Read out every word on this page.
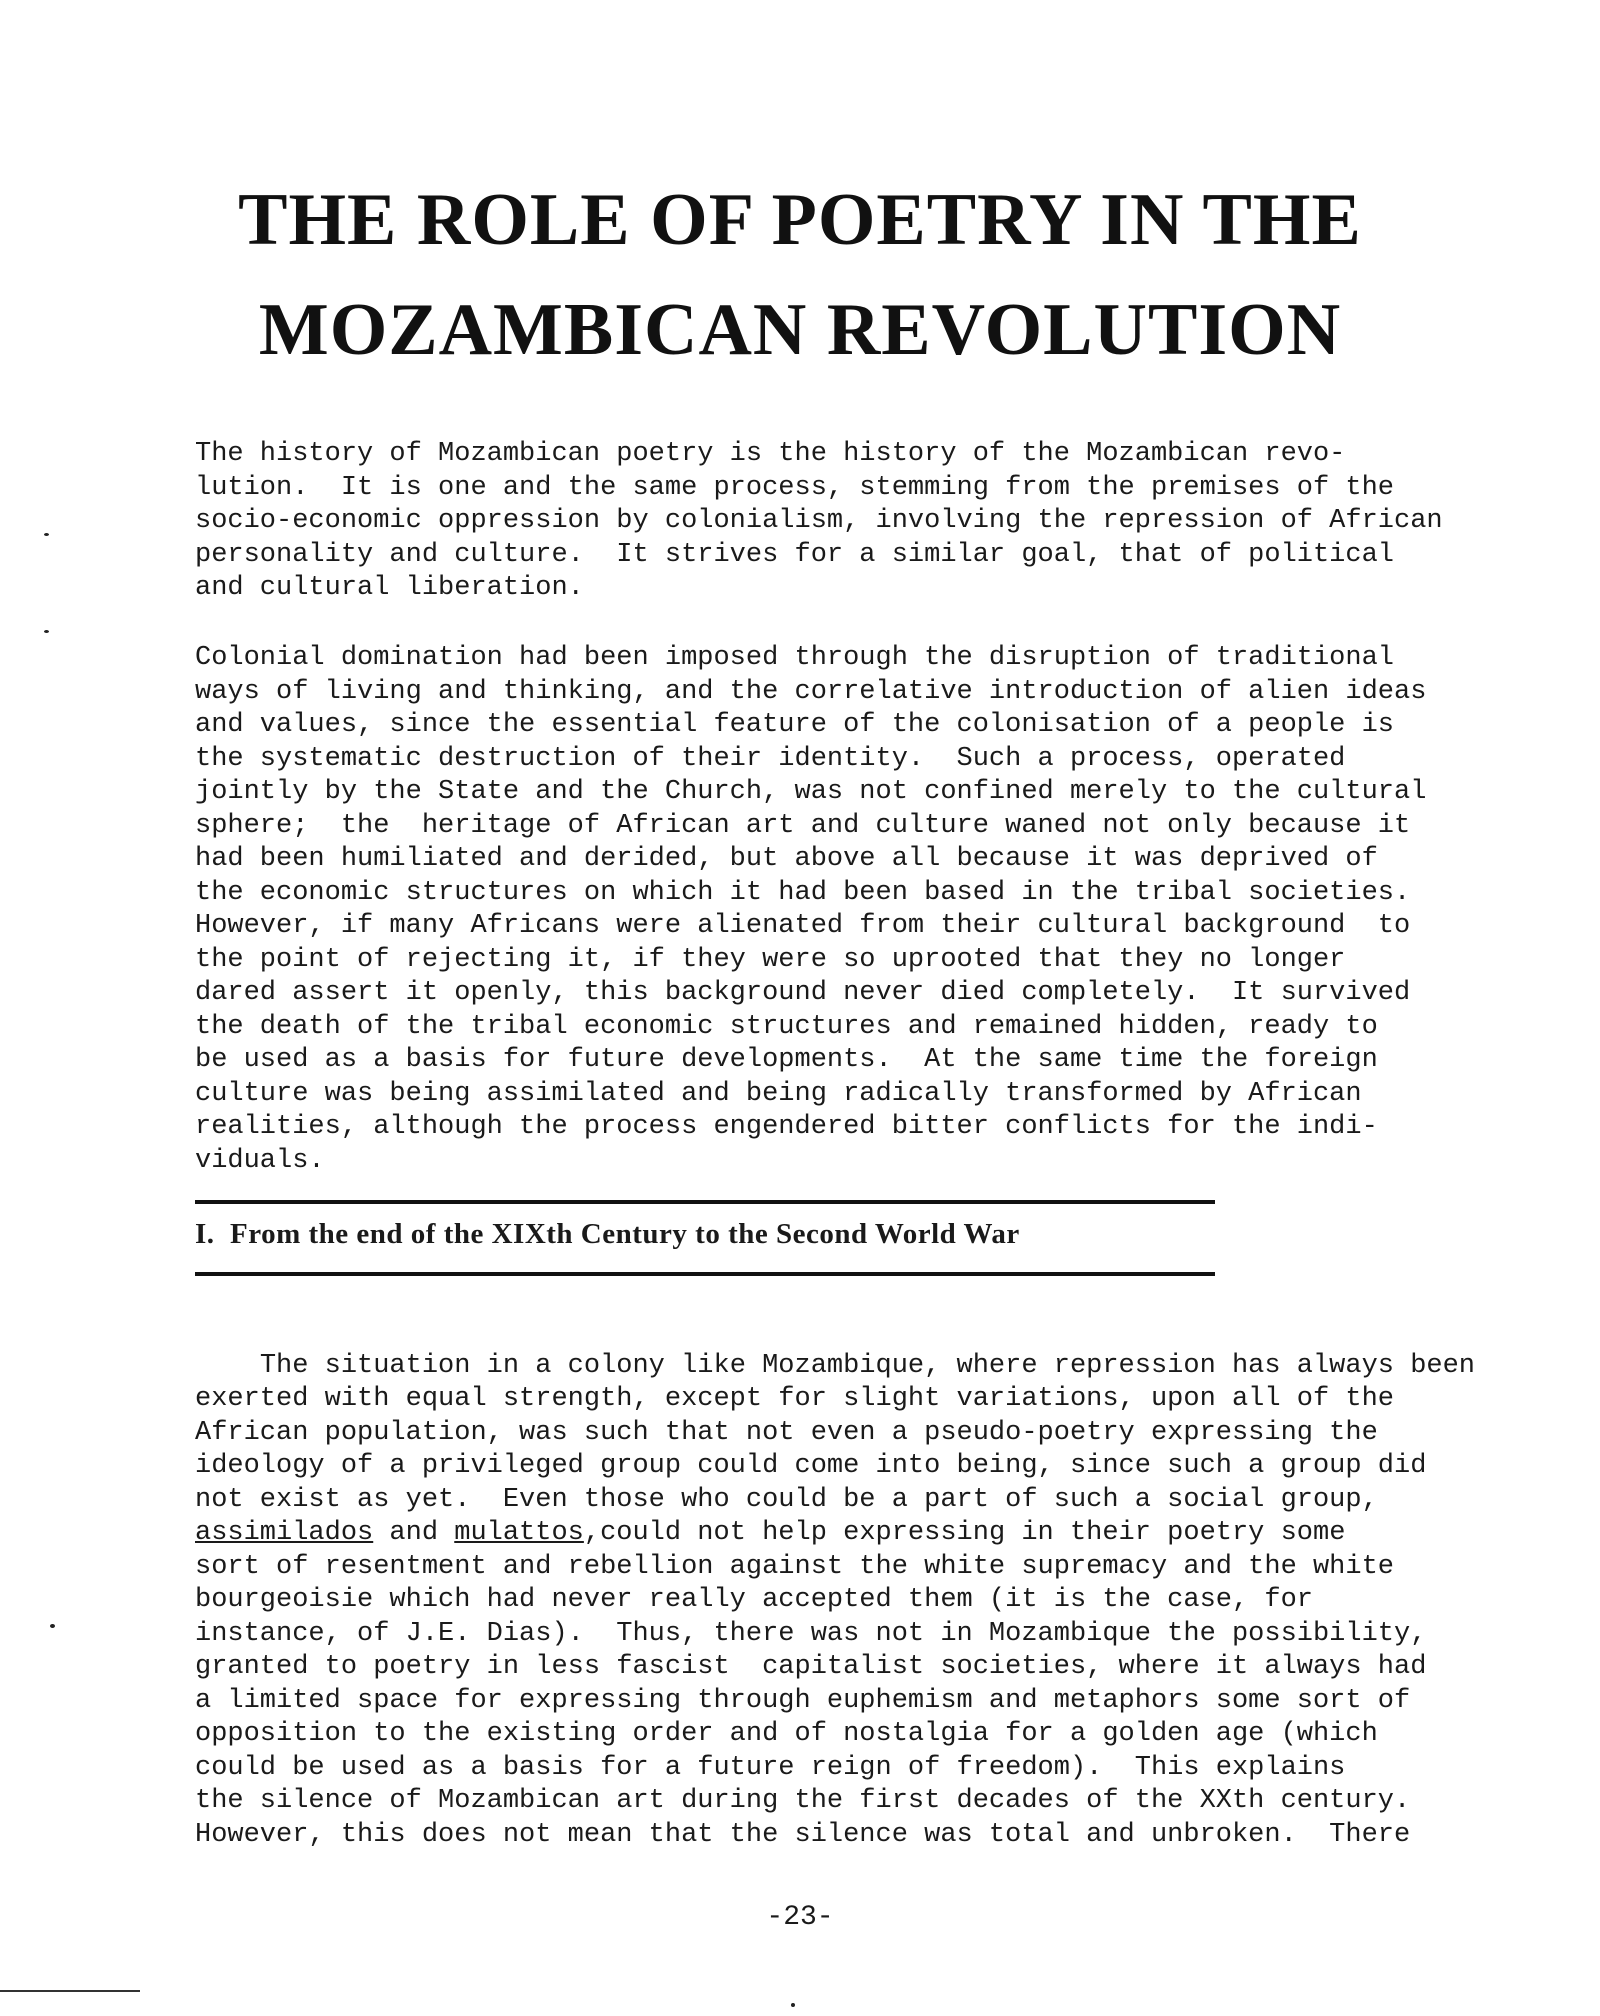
THE ROLE OF POETRY IN THE
MOZAMBICAN REVOLUTION
The history of Mozambican poetry is the history of the Mozambican revo-
lution.  It is one and the same process, stemming from the premises of the
socio-economic oppression by colonialism, involving the repression of African
personality and culture.  It strives for a similar goal, that of political
and cultural liberation.
Colonial domination had been imposed through the disruption of traditional
ways of living and thinking, and the correlative introduction of alien ideas
and values, since the essential feature of the colonisation of a people is
the systematic destruction of their identity.  Such a process, operated
jointly by the State and the Church, was not confined merely to the cultural
sphere;  the  heritage of African art and culture waned not only because it
had been humiliated and derided, but above all because it was deprived of
the economic structures on which it had been based in the tribal societies.
However, if many Africans were alienated from their cultural background  to
the point of rejecting it, if they were so uprooted that they no longer
dared assert it openly, this background never died completely.  It survived
the death of the tribal economic structures and remained hidden, ready to
be used as a basis for future developments.  At the same time the foreign
culture was being assimilated and being radically transformed by African
realities, although the process engendered bitter conflicts for the indi-
viduals.
I.  From the end of the XIXth Century to the Second World War

The situation in a colony like Mozambique, where repression has always been
exerted with equal strength, except for slight variations, upon all of the
African population, was such that not even a pseudo-poetry expressing the
ideology of a privileged group could come into being, since such a group did
not exist as yet.  Even those who could be a part of such a social group,
assimilados and mulattos,could not help expressing in their poetry some
sort of resentment and rebellion against the white supremacy and the white
bourgeoisie which had never really accepted them (it is the case, for
instance, of J.E. Dias).  Thus, there was not in Mozambique the possibility,
granted to poetry in less fascist  capitalist societies, where it always had
a limited space for expressing through euphemism and metaphors some sort of
opposition to the existing order and of nostalgia for a golden age (which
could be used as a basis for a future reign of freedom).  This explains
the silence of Mozambican art during the first decades of the XXth century.
However, this does not mean that the silence was total and unbroken.  There
-23-
